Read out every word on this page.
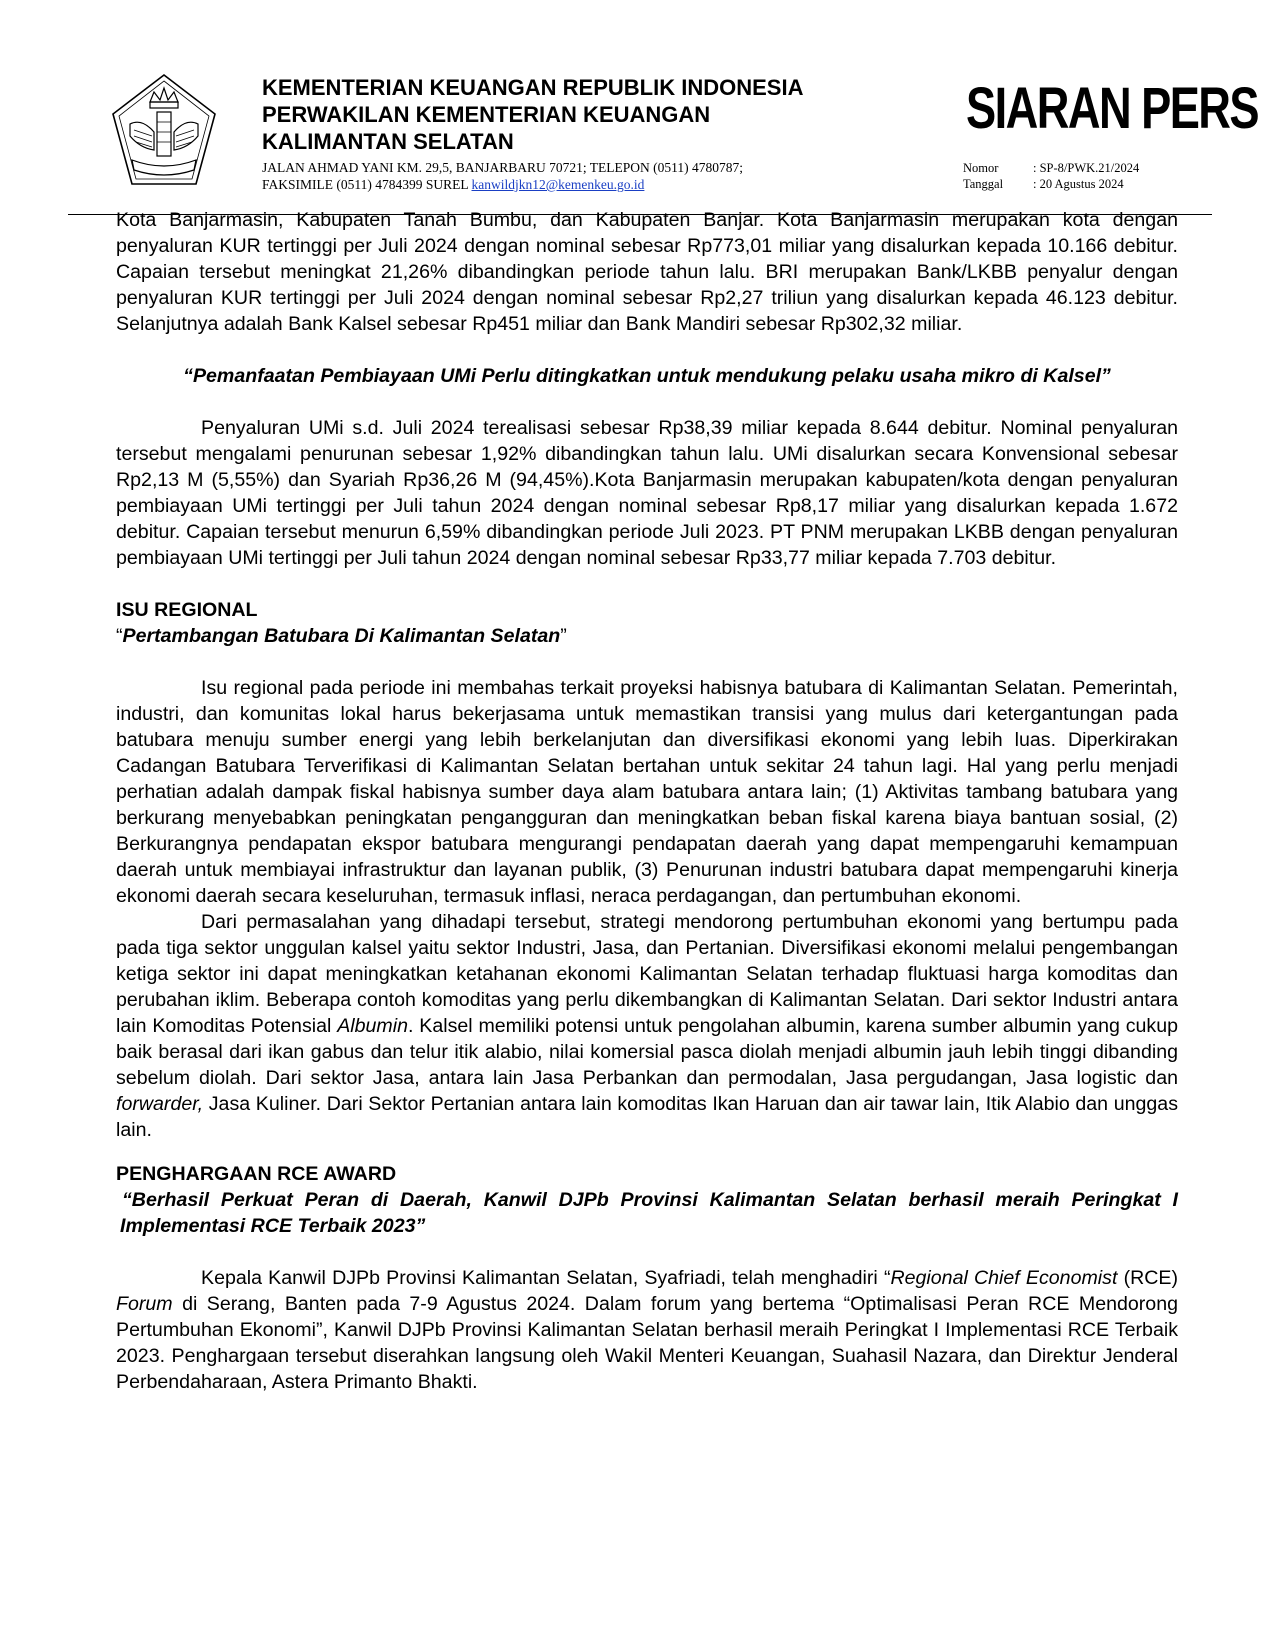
KEMENTERIAN KEUANGAN REPUBLIK INDONESIA
PERWAKILAN KEMENTERIAN KEUANGAN
KALIMANTAN SELATAN
JALAN AHMAD YANI KM. 29,5, BANJARBARU 70721; TELEPON (0511) 4780787;
FAKSIMILE (0511) 4784399 SUREL kanwildjkn12@kemenkeu.go.id
SIARAN PERS
Nomor	: SP-8/PWK.21/2024
Tanggal	: 20 Agustus 2024

Kota Banjarmasin, Kabupaten Tanah Bumbu, dan Kabupaten Banjar. Kota Banjarmasin merupakan kota dengan penyaluran KUR tertinggi per Juli 2024 dengan nominal sebesar Rp773,01 miliar yang disalurkan kepada 10.166 debitur. Capaian tersebut meningkat 21,26% dibandingkan periode tahun lalu. BRI merupakan Bank/LKBB penyalur dengan penyaluran KUR tertinggi per Juli 2024 dengan nominal sebesar Rp2,27 triliun yang disalurkan kepada 46.123 debitur. Selanjutnya adalah Bank Kalsel sebesar Rp451 miliar dan Bank Mandiri sebesar Rp302,32 miliar.

“Pemanfaatan Pembiayaan UMi Perlu ditingkatkan untuk mendukung pelaku usaha mikro di Kalsel”

Penyaluran UMi s.d. Juli 2024 terealisasi sebesar Rp38,39 miliar kepada 8.644 debitur. Nominal penyaluran tersebut mengalami penurunan sebesar 1,92% dibandingkan tahun lalu. UMi disalurkan secara Konvensional sebesar Rp2,13 M (5,55%) dan Syariah Rp36,26 M (94,45%).Kota Banjarmasin merupakan kabupaten/kota dengan penyaluran pembiayaan UMi tertinggi per Juli tahun 2024 dengan nominal sebesar Rp8,17 miliar yang disalurkan kepada 1.672 debitur. Capaian tersebut menurun 6,59% dibandingkan periode Juli 2023. PT PNM merupakan LKBB dengan penyaluran pembiayaan UMi tertinggi per Juli tahun 2024 dengan nominal sebesar Rp33,77 miliar kepada 7.703 debitur.

ISU REGIONAL

“Pertambangan Batubara Di Kalimantan Selatan”

Isu regional pada periode ini membahas terkait proyeksi habisnya batubara di Kalimantan Selatan. Pemerintah, industri, dan komunitas lokal harus bekerjasama untuk memastikan transisi yang mulus dari ketergantungan pada batubara menuju sumber energi yang lebih berkelanjutan dan diversifikasi ekonomi yang lebih luas. Diperkirakan Cadangan Batubara Terverifikasi di Kalimantan Selatan bertahan untuk sekitar 24 tahun lagi. Hal yang perlu menjadi perhatian adalah dampak fiskal habisnya sumber daya alam batubara antara lain; (1) Aktivitas tambang batubara yang berkurang menyebabkan peningkatan pengangguran dan meningkatkan beban fiskal karena biaya bantuan sosial, (2) Berkurangnya pendapatan ekspor batubara mengurangi pendapatan daerah yang dapat mempengaruhi kemampuan daerah untuk membiayai infrastruktur dan layanan publik, (3) Penurunan industri batubara dapat mempengaruhi kinerja ekonomi daerah secara keseluruhan, termasuk inflasi, neraca perdagangan, dan pertumbuhan ekonomi.

Dari permasalahan yang dihadapi tersebut, strategi mendorong pertumbuhan ekonomi yang bertumpu pada pada tiga sektor unggulan kalsel yaitu sektor Industri, Jasa, dan Pertanian. Diversifikasi ekonomi melalui pengembangan ketiga sektor ini dapat meningkatkan ketahanan ekonomi Kalimantan Selatan terhadap fluktuasi harga komoditas dan perubahan iklim. Beberapa contoh komoditas yang perlu dikembangkan di Kalimantan Selatan. Dari sektor Industri antara lain Komoditas Potensial Albumin. Kalsel memiliki potensi untuk pengolahan albumin, karena sumber albumin yang cukup baik berasal dari ikan gabus dan telur itik alabio, nilai komersial pasca diolah menjadi albumin jauh lebih tinggi dibanding sebelum diolah. Dari sektor Jasa, antara lain Jasa Perbankan dan permodalan, Jasa pergudangan, Jasa logistic dan forwarder, Jasa Kuliner. Dari Sektor Pertanian antara lain komoditas Ikan Haruan dan air tawar lain, Itik Alabio dan unggas lain.

PENGHARGAAN RCE AWARD

“Berhasil Perkuat Peran di Daerah, Kanwil DJPb Provinsi Kalimantan Selatan berhasil meraih Peringkat I Implementasi RCE Terbaik 2023”

Kepala Kanwil DJPb Provinsi Kalimantan Selatan, Syafriadi, telah menghadiri “Regional Chief Economist (RCE) Forum di Serang, Banten pada 7-9 Agustus 2024. Dalam forum yang bertema “Optimalisasi Peran RCE Mendorong Pertumbuhan Ekonomi”, Kanwil DJPb Provinsi Kalimantan Selatan berhasil meraih Peringkat I Implementasi RCE Terbaik 2023. Penghargaan tersebut diserahkan langsung oleh Wakil Menteri Keuangan, Suahasil Nazara, dan Direktur Jenderal Perbendaharaan, Astera Primanto Bhakti.
